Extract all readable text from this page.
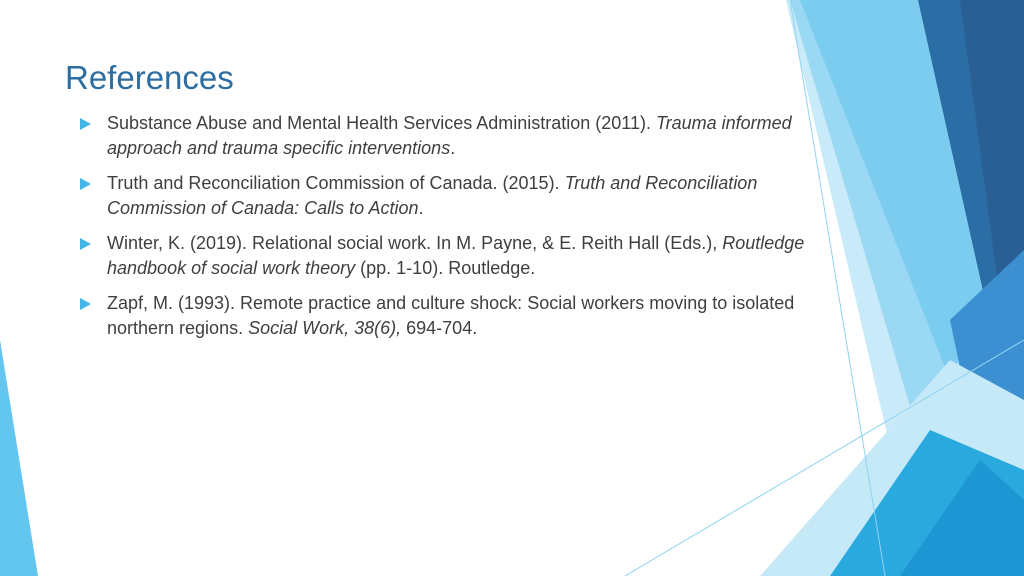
References
Substance Abuse and Mental Health Services Administration (2011). Trauma informed approach and trauma specific interventions.
Truth and Reconciliation Commission of Canada. (2015). Truth and Reconciliation Commission of Canada: Calls to Action.
Winter, K. (2019). Relational social work. In M. Payne, & E. Reith Hall (Eds.), Routledge handbook of social work theory (pp. 1-10). Routledge.
Zapf, M. (1993). Remote practice and culture shock: Social workers moving to isolated northern regions. Social Work, 38(6), 694-704.
